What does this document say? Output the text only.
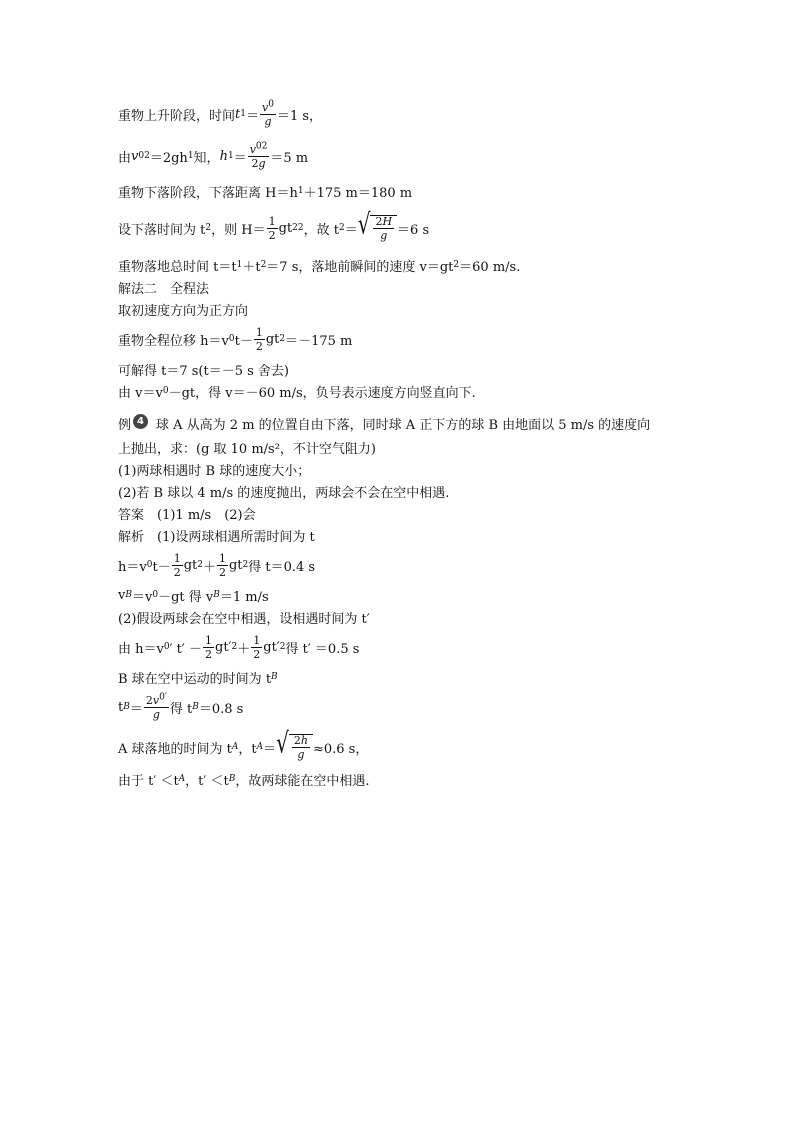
重物上升阶段，时间 t $1 = \frac{v^0}{g} =1$ s，
由 v 0 2 ＝2gh 1 知， h $1 = \frac{v^{02}}{2g} =5$ m
重物下落阶段，下落距离 H＝h 1 ＋175 m＝180 m
设下落时间为 t 2 ，则 $H= \frac{1}{2}$ gt 2 2 ，故 t 2 ＝ √ $\frac{2H}{g} =6$ s
重物落地总时间 t＝t 1 ＋t 2 ＝7 s，落地前瞬间的速度 v＝gt 2 ＝60 m/s.
解法二　全程法
取初速度方向为正方向
重物全程位移 h＝v 0 $t- \frac{1}{2}$ gt 2 ＝－175 m
可解得 t＝7 s(t＝－5 s 舍去)
由 v＝v 0 －gt，得 v＝－60 m/s，负号表示速度方向竖直向下.
例 4 球 A 从高为 2 m 的位置自由下落，同时球 A 正下方的球 B 由地面以 5 m/s 的速度向
上抛出，求：(g 取 10 m/s²，不计空气阻力)
(1)两球相遇时 B 球的速度大小；
(2)若 B 球以 4 m/s 的速度抛出，两球会不会在空中相遇.
答案　(1)1 m/s　(2)会
解析　(1)设两球相遇所需时间为 t
h＝v 0 $t- \frac{1}{2}$ gt $2 + \frac{1}{2}$ gt 2 得 t＝0.4 s
v B ＝v 0 －gt 得 v B ＝1 m/s
(2)假设两球会在空中相遇，设相遇时间为 t′
由 h＝v 0 ′ $t' - \frac{1}{2} gt'$ $2 + \frac{1}{2} gt'$ 2 得 t′ ＝0.5 s
B 球在空中运动的时间为 t B
t $B = \frac{2v^{0'}}{g}$ 得 t B ＝0.8 s
A 球落地的时间为 t A ，t A ＝ √ $\frac{2h}{g} \approx 0.6$ s，
由于 t′ ＜t A ，t′ ＜t B ，故两球能在空中相遇.
